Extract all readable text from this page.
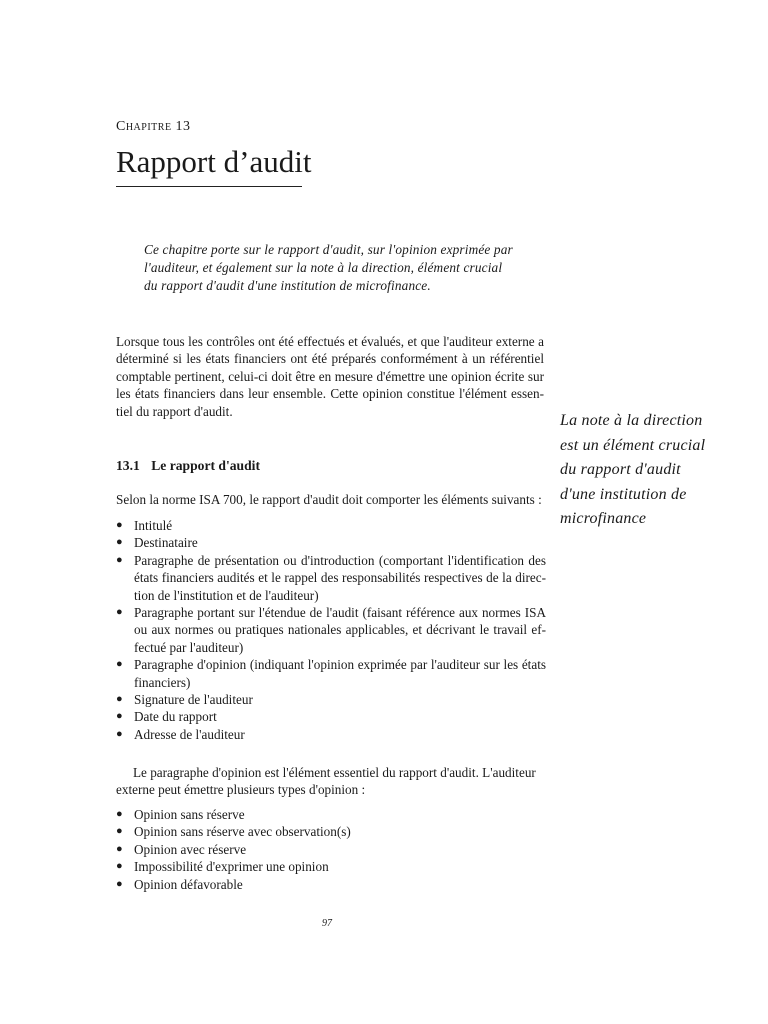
Chapitre 13
Rapport d’audit
Ce chapitre porte sur le rapport d'audit, sur l'opinion exprimée par
l'auditeur, et également sur la note à la direction, élément crucial
du rapport d'audit d'une institution de microfinance.
Lorsque tous les contrôles ont été effectués et évalués, et que l'auditeur externe a
déterminé si les états financiers ont été préparés conformément à un référentiel
comptable pertinent, celui-ci doit être en mesure d'émettre une opinion écrite sur
les états financiers dans leur ensemble. Cette opinion constitue l'élément essen-
tiel du rapport d'audit.
13.1 Le rapport d'audit
Selon la norme ISA 700, le rapport d'audit doit comporter les éléments suivants :
● Intitulé
● Destinataire
● Paragraphe de présentation ou d'introduction (comportant l'identification des
états financiers audités et le rappel des responsabilités respectives de la direc-
tion de l'institution et de l'auditeur)
● Paragraphe portant sur l'étendue de l'audit (faisant référence aux normes ISA
ou aux normes ou pratiques nationales applicables, et décrivant le travail ef-
fectué par l'auditeur)
● Paragraphe d'opinion (indiquant l'opinion exprimée par l'auditeur sur les états
financiers)
● Signature de l'auditeur
● Date du rapport
● Adresse de l'auditeur
Le paragraphe d'opinion est l'élément essentiel du rapport d'audit. L'auditeur
externe peut émettre plusieurs types d'opinion :
● Opinion sans réserve
● Opinion sans réserve avec observation(s)
● Opinion avec réserve
● Impossibilité d'exprimer une opinion
● Opinion défavorable
La note à la direction
est un élément crucial
du rapport d'audit
d'une institution de
microfinance
97
